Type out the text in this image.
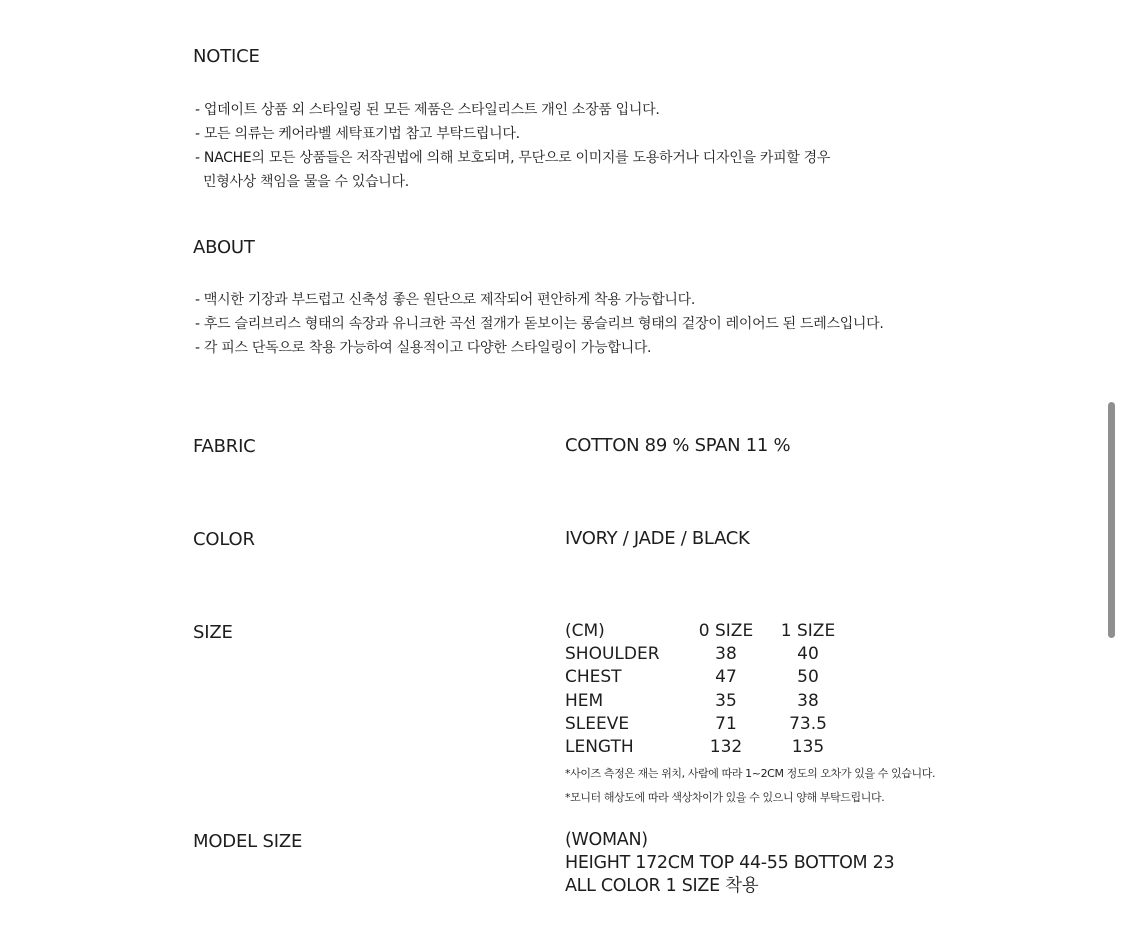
NOTICE
- 업데이트 상품 외 스타일링 된 모든 제품은 스타일리스트 개인 소장품 입니다.
- 모든 의류는 케어라벨 세탁표기법 참고 부탁드립니다.
- NACHE의 모든 상품들은 저작권법에 의해 보호되며, 무단으로 이미지를 도용하거나 디자인을 카피할 경우
민형사상 책임을 물을 수 있습니다.
ABOUT
- 맥시한 기장과 부드럽고 신축성 좋은 원단으로 제작되어 편안하게 착용 가능합니다.
- 후드 슬리브리스 형태의 속장과 유니크한 곡선 절개가 돋보이는 롱슬리브 형태의 겉장이 레이어드 된 드레스입니다.
- 각 피스 단독으로 착용 가능하여 실용적이고 다양한 스타일링이 가능합니다.
FABRIC	COTTON 89 % SPAN 11 %
COLOR	IVORY / JADE / BLACK
SIZE	(CM)	0 SIZE	1 SIZE
SHOULDER	38	40
CHEST	47	50
HEM	35	38
SLEEVE	71	73.5
LENGTH	132	135
*사이즈 측정은 재는 위치, 사람에 따라 1~2CM 정도의 오차가 있을 수 있습니다.
*모니터 해상도에 따라 색상차이가 있을 수 있으니 양해 부탁드립니다.
MODEL SIZE	(WOMAN)
HEIGHT 172CM TOP 44-55 BOTTOM 23
ALL COLOR 1 SIZE 착용
